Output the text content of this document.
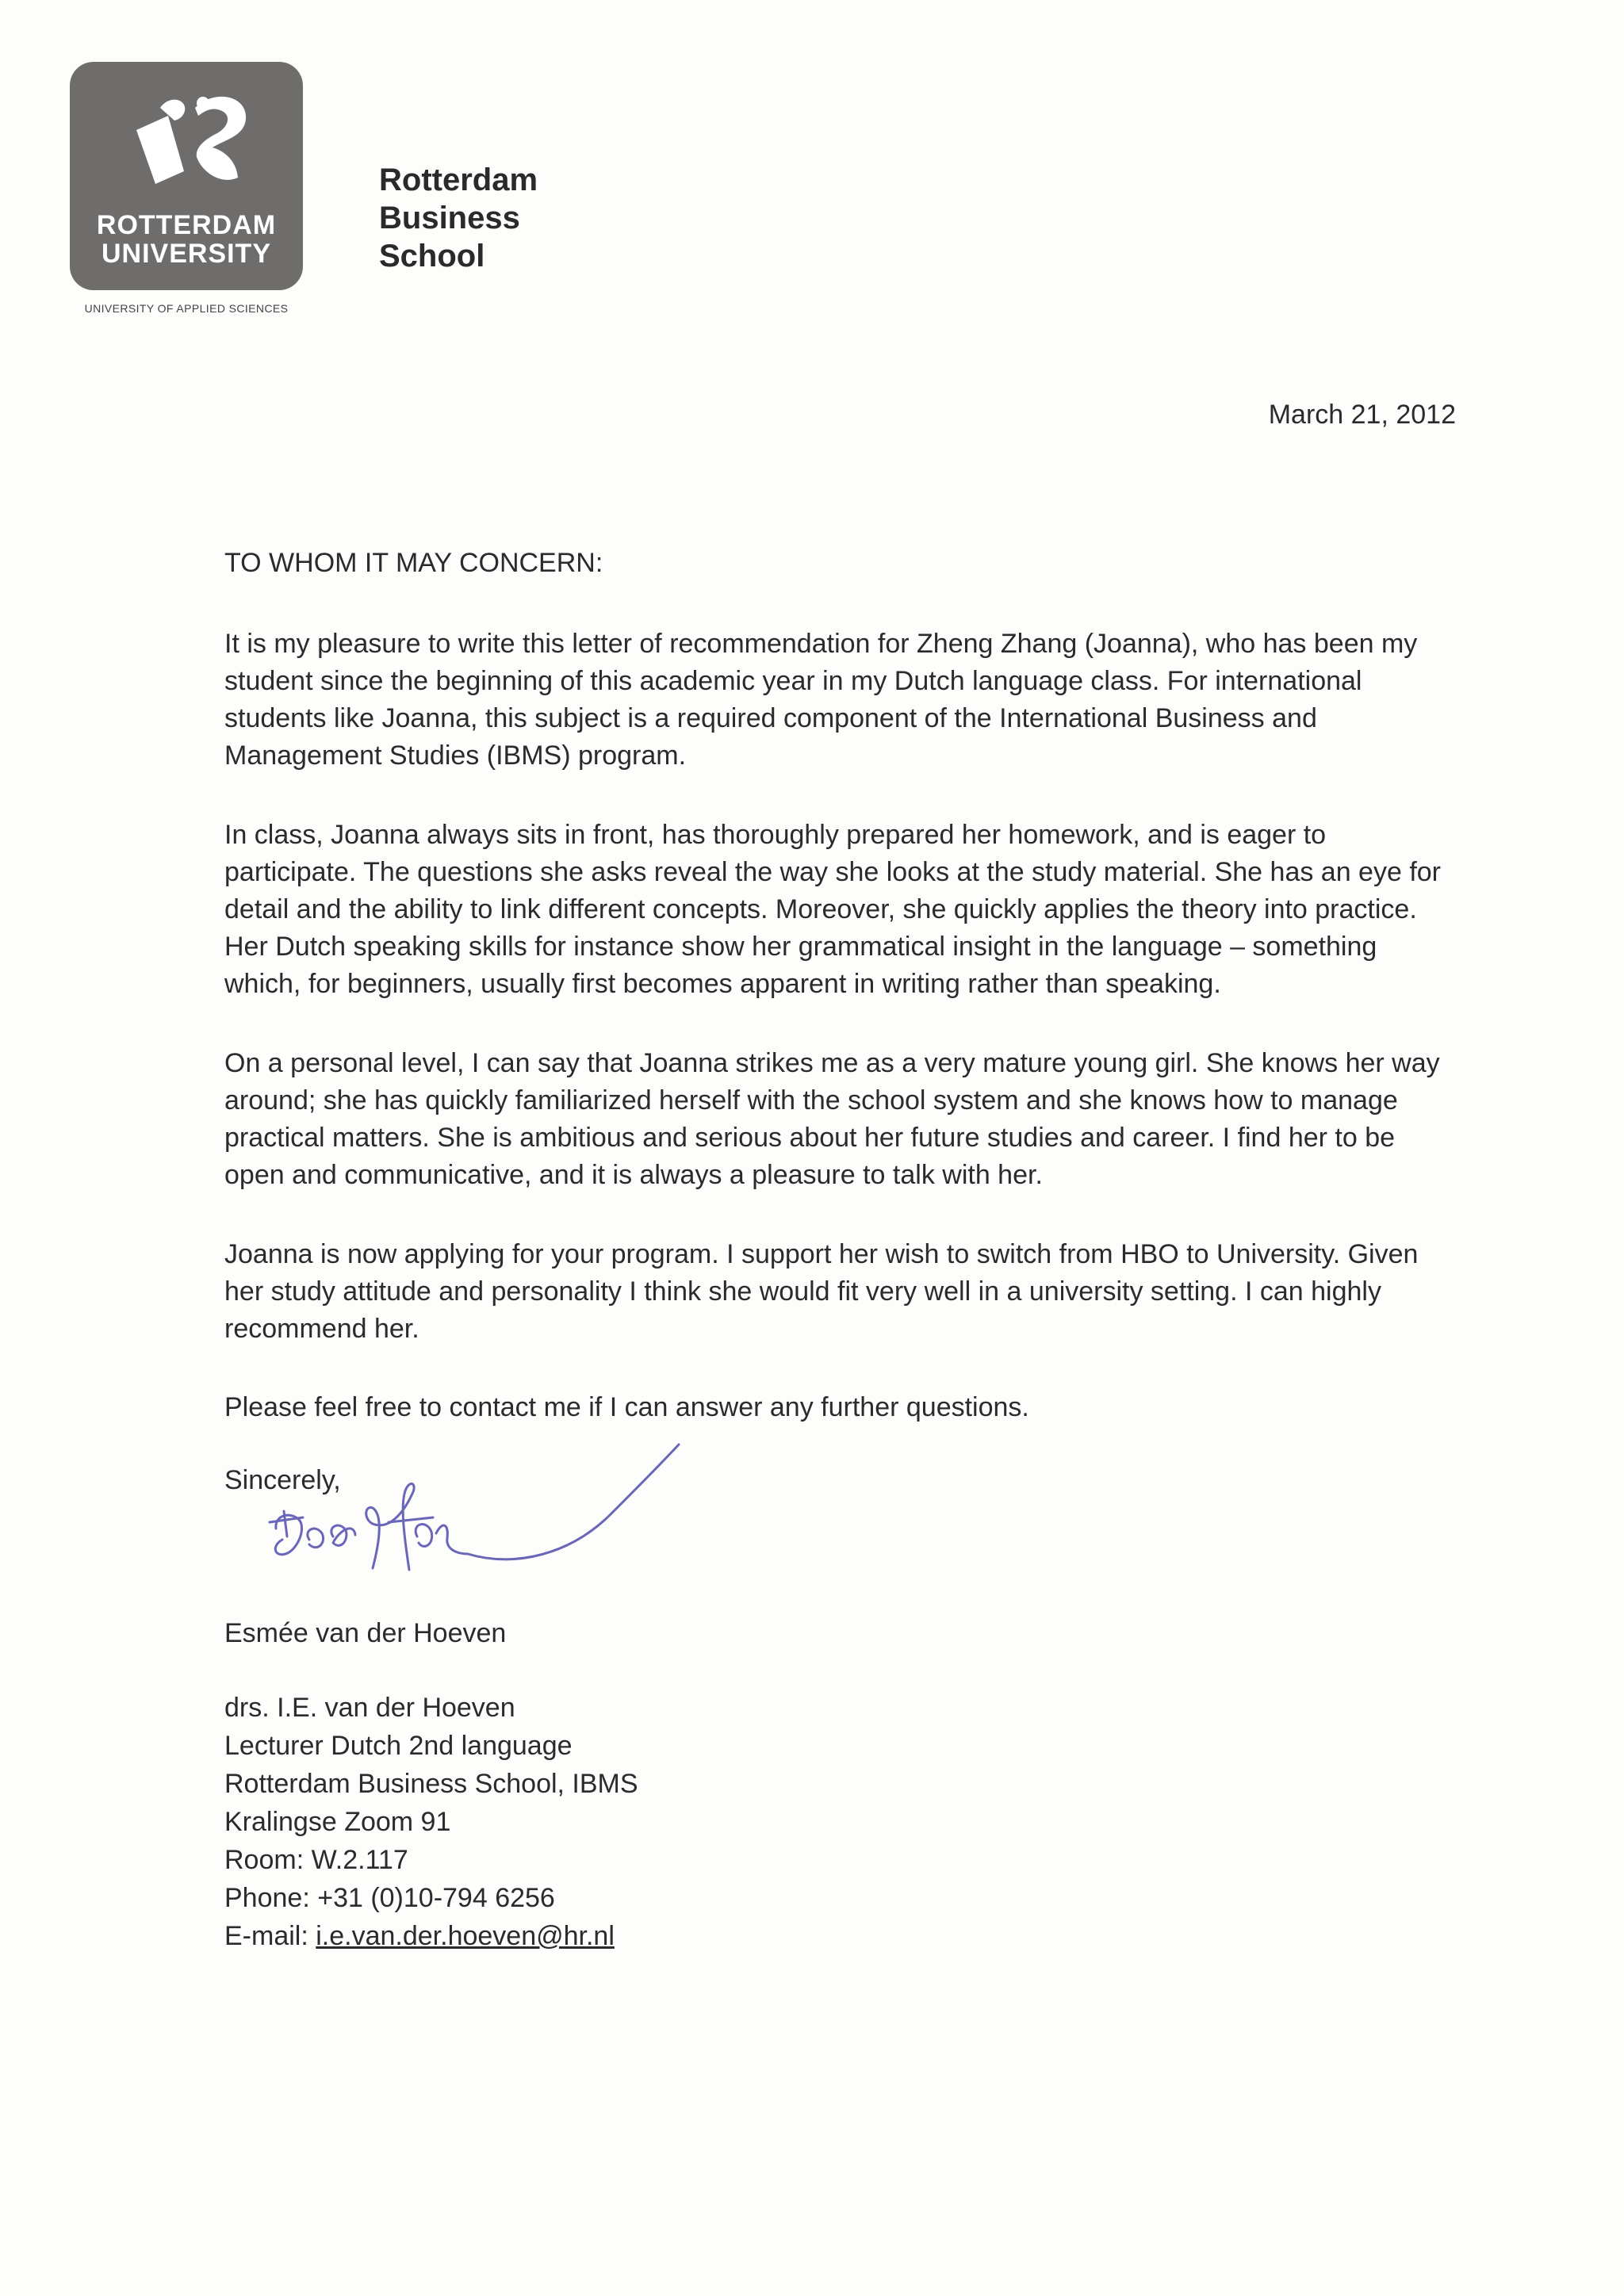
ROTTERDAM
UNIVERSITY
UNIVERSITY OF APPLIED SCIENCES
Rotterdam
Business
School
March 21, 2012
TO WHOM IT MAY CONCERN:
It is my pleasure to write this letter of recommendation for Zheng Zhang (Joanna), who has been my
student since the beginning of this academic year in my Dutch language class. For international
students like Joanna, this subject is a required component of the International Business and
Management Studies (IBMS) program.
In class, Joanna always sits in front, has thoroughly prepared her homework, and is eager to
participate. The questions she asks reveal the way she looks at the study material. She has an eye for
detail and the ability to link different concepts. Moreover, she quickly applies the theory into practice.
Her Dutch speaking skills for instance show her grammatical insight in the language – something
which, for beginners, usually first becomes apparent in writing rather than speaking.
On a personal level, I can say that Joanna strikes me as a very mature young girl. She knows her way
around; she has quickly familiarized herself with the school system and she knows how to manage
practical matters. She is ambitious and serious about her future studies and career. I find her to be
open and communicative, and it is always a pleasure to talk with her.
Joanna is now applying for your program. I support her wish to switch from HBO to University. Given
her study attitude and personality I think she would fit very well in a university setting. I can highly
recommend her.
Please feel free to contact me if I can answer any further questions.
Sincerely,
Esmée van der Hoeven
drs. I.E. van der Hoeven
Lecturer Dutch 2nd language
Rotterdam Business School, IBMS
Kralingse Zoom 91
Room: W.2.117
Phone: +31 (0)10-794 6256
E-mail: i.e.van.der.hoeven@hr.nl
